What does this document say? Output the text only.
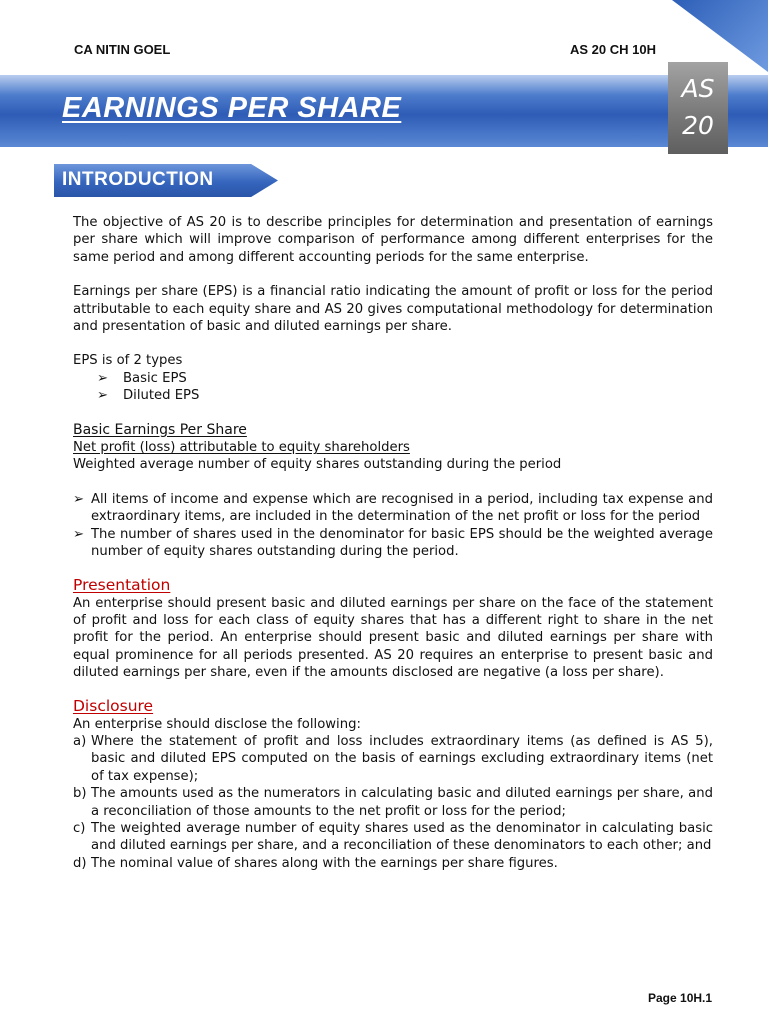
CA NITIN GOEL	AS 20 CH 10H
EARNINGS PER SHARE
AS
20
INTRODUCTION

The objective of AS 20 is to describe principles for determination and presentation of earnings per share which will improve comparison of performance among different enterprises for the same period and among different accounting periods for the same enterprise.

Earnings per share (EPS) is a financial ratio indicating the amount of profit or loss for the period attributable to each equity share and AS 20 gives computational methodology for determination and presentation of basic and diluted earnings per share.

EPS is of 2 types

➢	Basic EPS
➢	Diluted EPS

Basic Earnings Per Share

Net profit (loss) attributable to equity shareholders

Weighted average number of equity shares outstanding during the period

➢ All items of income and expense which are recognised in a period, including tax expense and extraordinary items, are included in the determination of the net profit or loss for the period
➢ The number of shares used in the denominator for basic EPS should be the weighted average number of equity shares outstanding during the period.

Presentation

An enterprise should present basic and diluted earnings per share on the face of the statement of profit and loss for each class of equity shares that has a different right to share in the net profit for the period. An enterprise should present basic and diluted earnings per share with equal prominence for all periods presented. AS 20 requires an enterprise to present basic and diluted earnings per share, even if the amounts disclosed are negative (a loss per share).

Disclosure

An enterprise should disclose the following:

a) Where the statement of profit and loss includes extraordinary items (as defined is AS 5), basic and diluted EPS computed on the basis of earnings excluding extraordinary items (net of tax expense);
b) The amounts used as the numerators in calculating basic and diluted earnings per share, and a reconciliation of those amounts to the net profit or loss for the period;
c) The weighted average number of equity shares used as the denominator in calculating basic and diluted earnings per share, and a reconciliation of these denominators to each other; and
d) The nominal value of shares along with the earnings per share figures.
Page 10H.1
